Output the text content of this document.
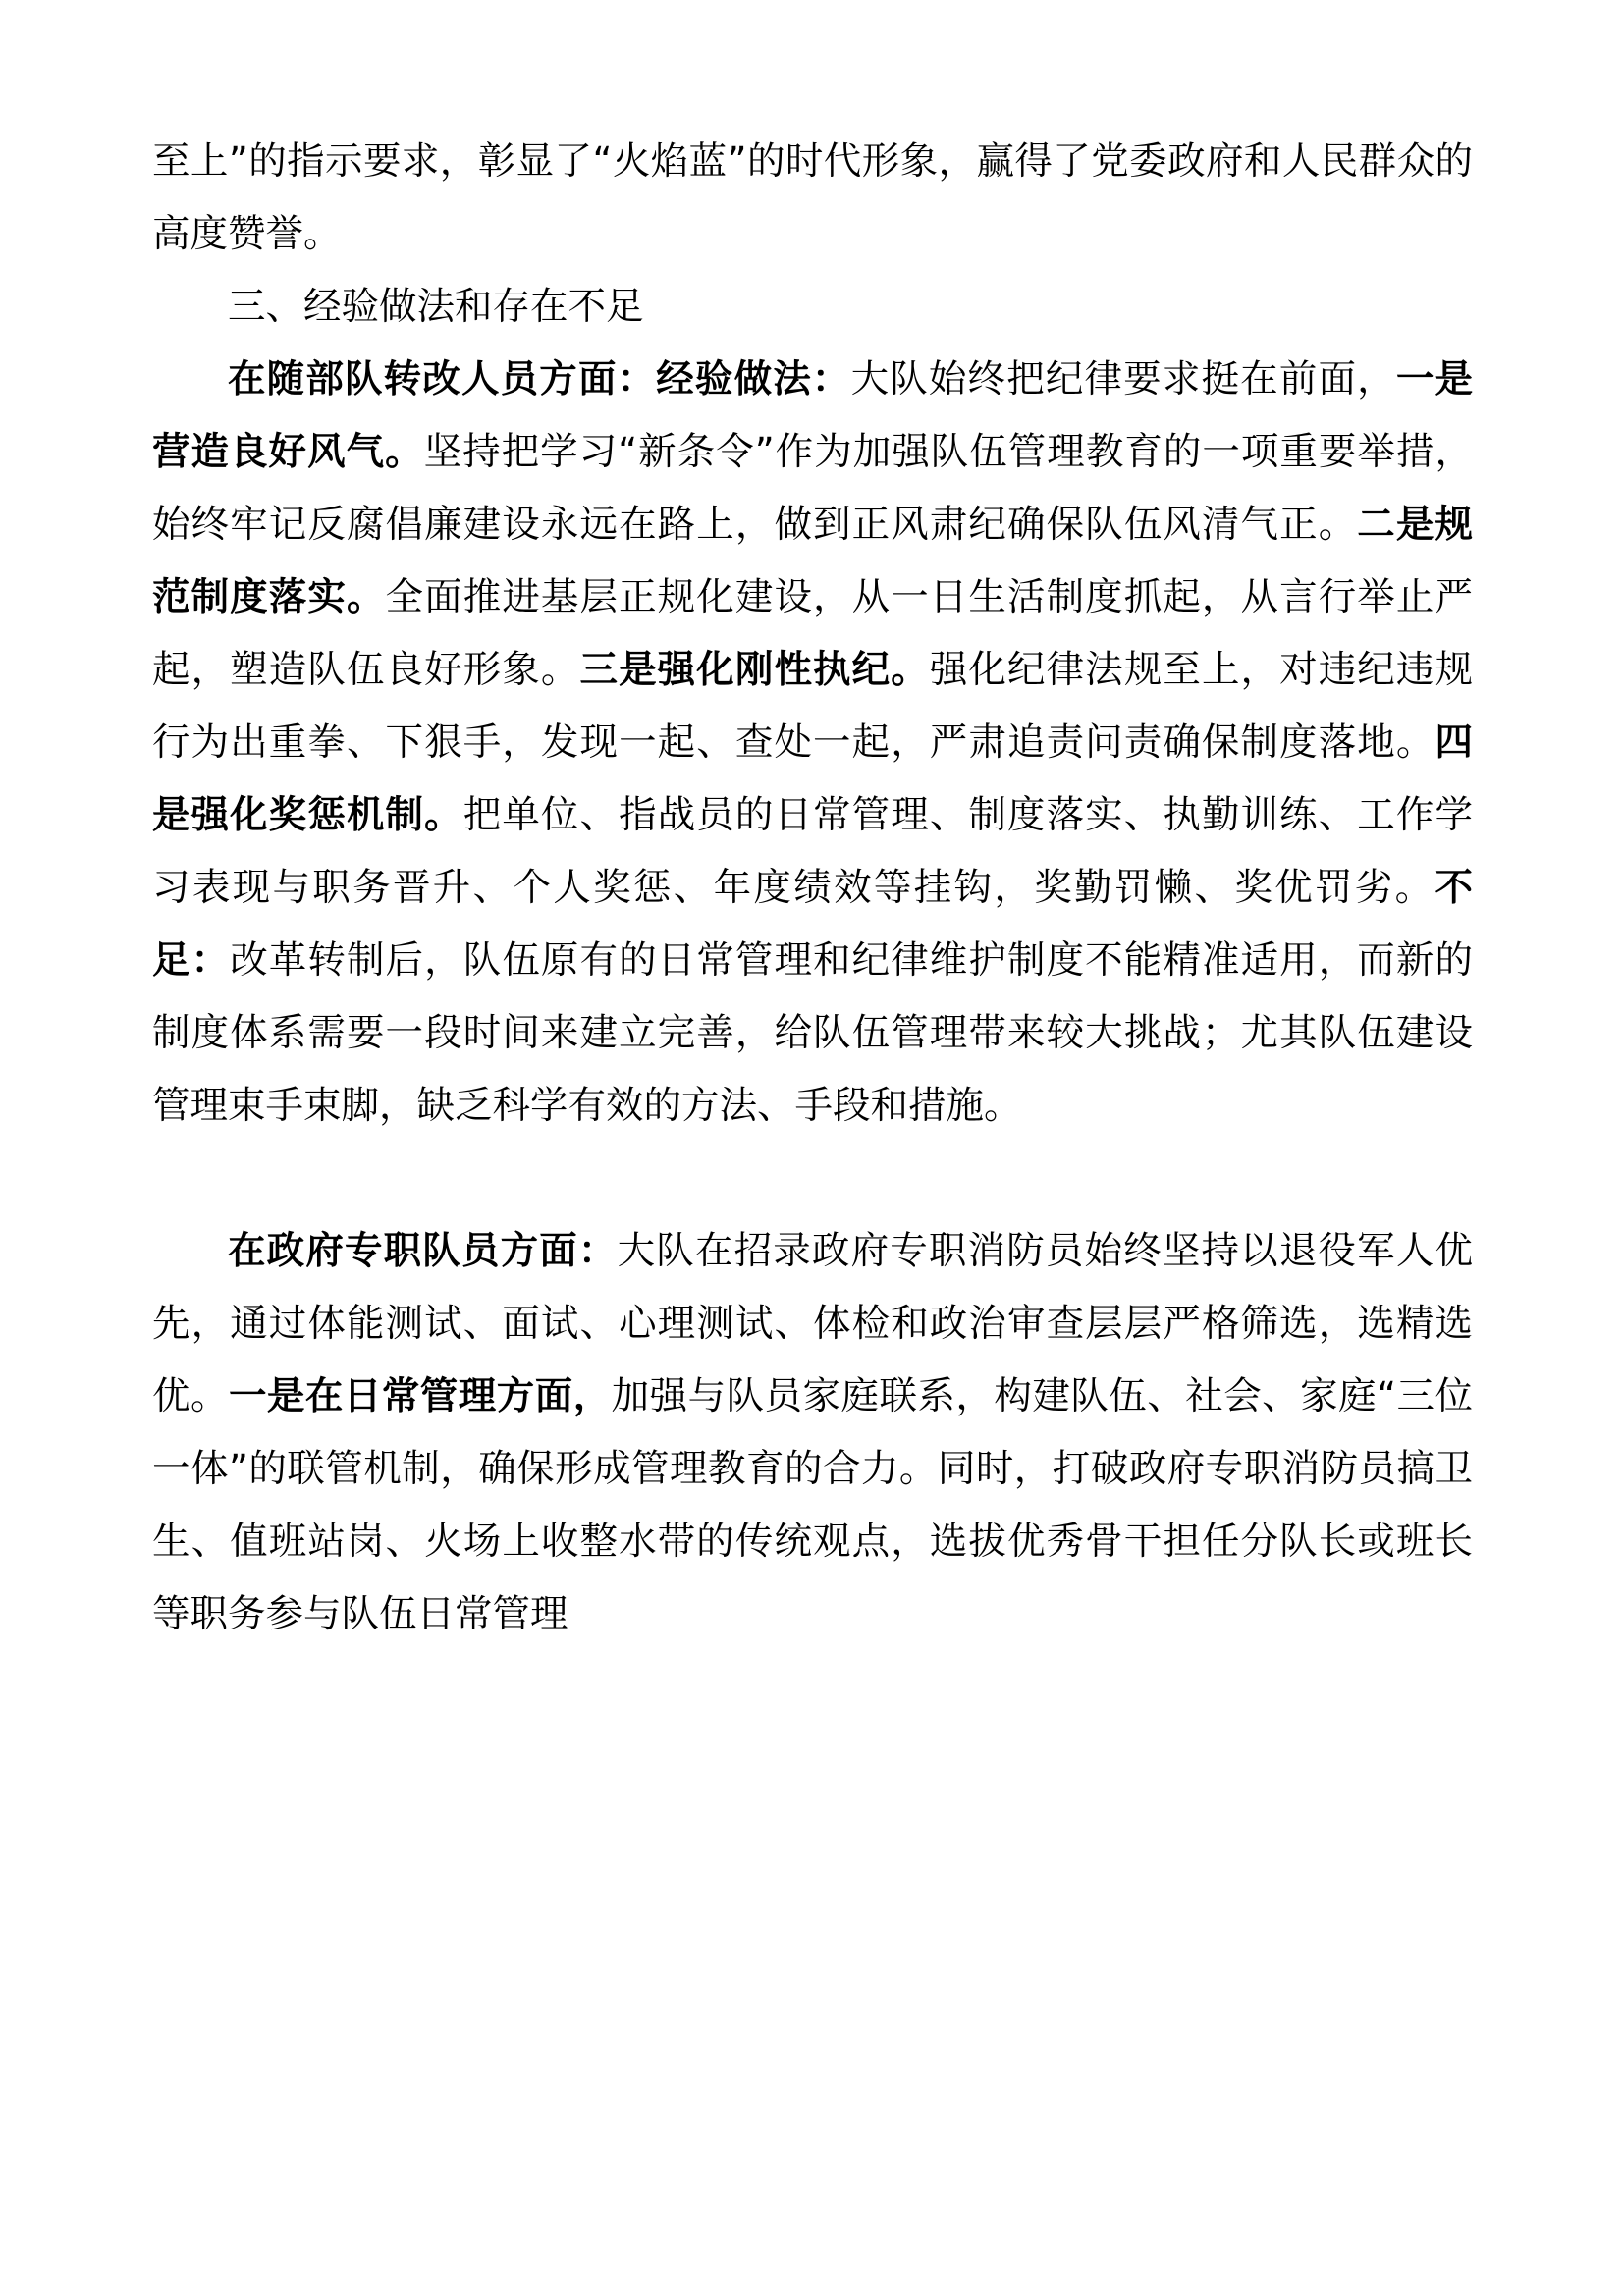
至上”的指示要求，彰显了“火焰蓝”的时代形象，赢得了党委政府和人民群众的高度赞誉。

三、经验做法和存在不足

在随部队转改人员方面：经验做法：大队始终把纪律要求挺在前面，一是营造良好风气。坚持把学习“新条令”作为加强队伍管理教育的一项重要举措，始终牢记反腐倡廉建设永远在路上，做到正风肃纪确保队伍风清气正。二是规范制度落实。全面推进基层正规化建设，从一日生活制度抓起，从言行举止严起，塑造队伍良好形象。三是强化刚性执纪。强化纪律法规至上，对违纪违规行为出重拳、下狠手，发现一起、查处一起，严肃追责问责确保制度落地。四是强化奖惩机制。把单位、指战员的日常管理、制度落实、执勤训练、工作学习表现与职务晋升、个人奖惩、年度绩效等挂钩，奖勤罚懒、奖优罚劣。不足：改革转制后，队伍原有的日常管理和纪律维护制度不能精准适用，而新的制度体系需要一段时间来建立完善，给队伍管理带来较大挑战；尤其队伍建设管理束手束脚，缺乏科学有效的方法、手段和措施。

在政府专职队员方面：大队在招录政府专职消防员始终坚持以退役军人优先，通过体能测试、面试、心理测试、体检和政治审查层层严格筛选，选精选优。一是在日常管理方面，加强与队员家庭联系，构建队伍、社会、家庭“三位一体”的联管机制，确保形成管理教育的合力。同时，打破政府专职消防员搞卫生、值班站岗、火场上收整水带的传统观点，选拔优秀骨干担任分队长或班长等职务参与队伍日常管理
